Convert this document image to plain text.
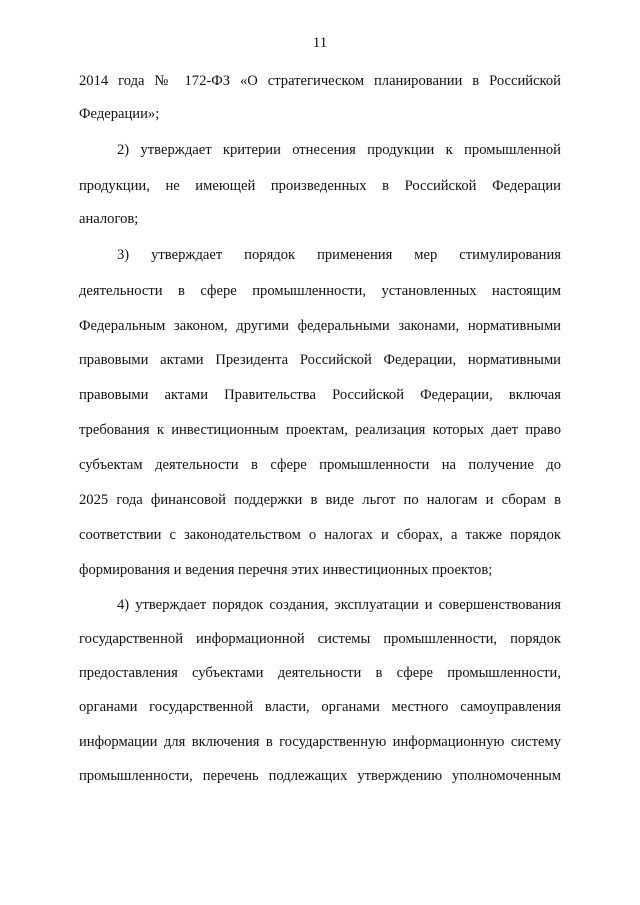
11
2014 года № 172-ФЗ «О стратегическом планировании в Российской
Федерации»;
2) утверждает критерии отнесения продукции к промышленной
продукции, не имеющей произведенных в Российской Федерации
аналогов;
3) утверждает порядок применения мер стимулирования
деятельности в сфере промышленности, установленных настоящим
Федеральным законом, другими федеральными законами, нормативными
правовыми актами Президента Российской Федерации, нормативными
правовыми актами Правительства Российской Федерации, включая
требования к инвестиционным проектам, реализация которых дает право
субъектам деятельности в сфере промышленности на получение до
2025 года финансовой поддержки в виде льгот по налогам и сборам в
соответствии с законодательством о налогах и сборах, а также порядок
формирования и ведения перечня этих инвестиционных проектов;
4) утверждает порядок создания, эксплуатации и совершенствования
государственной информационной системы промышленности, порядок
предоставления субъектами деятельности в сфере промышленности,
органами государственной власти, органами местного самоуправления
информации для включения в государственную информационную систему
промышленности, перечень подлежащих утверждению уполномоченным
